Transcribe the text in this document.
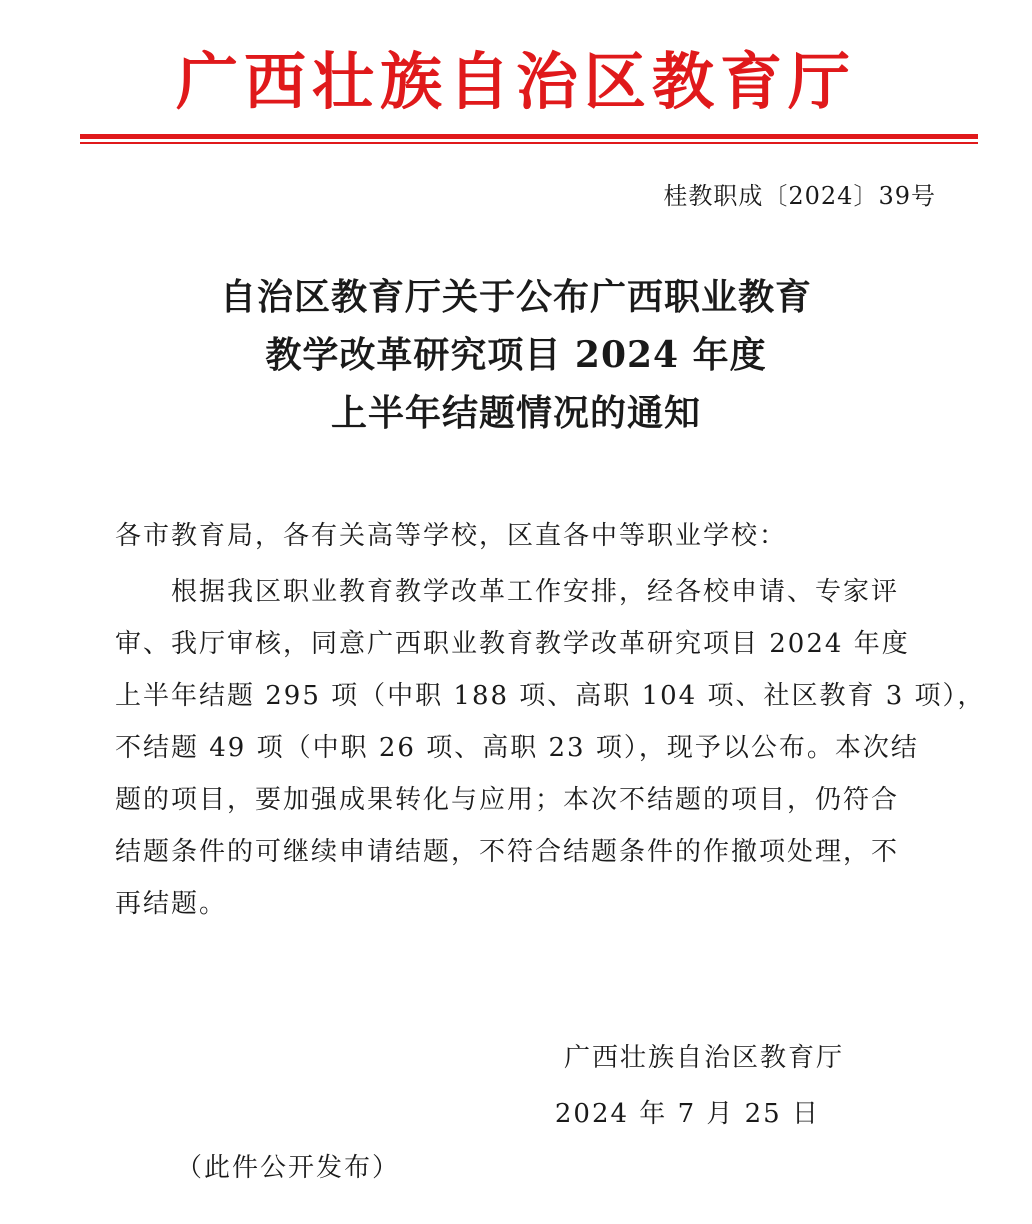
广西壮族自治区教育厅
桂教职成〔2024〕39号
自治区教育厅关于公布广西职业教育
教学改革研究项目 2024 年度
上半年结题情况的通知
各市教育局，各有关高等学校，区直各中等职业学校：
　　根据我区职业教育教学改革工作安排，经各校申请、专家评
审、我厅审核，同意广西职业教育教学改革研究项目 2024 年度
上半年结题 295 项（中职 188 项、高职 104 项、社区教育 3 项），
不结题 49 项（中职 26 项、高职 23 项），现予以公布。本次结
题的项目，要加强成果转化与应用；本次不结题的项目，仍符合
结题条件的可继续申请结题，不符合结题条件的作撤项处理，不
再结题。
广西壮族自治区教育厅
2024 年 7 月 25 日
（此件公开发布）
